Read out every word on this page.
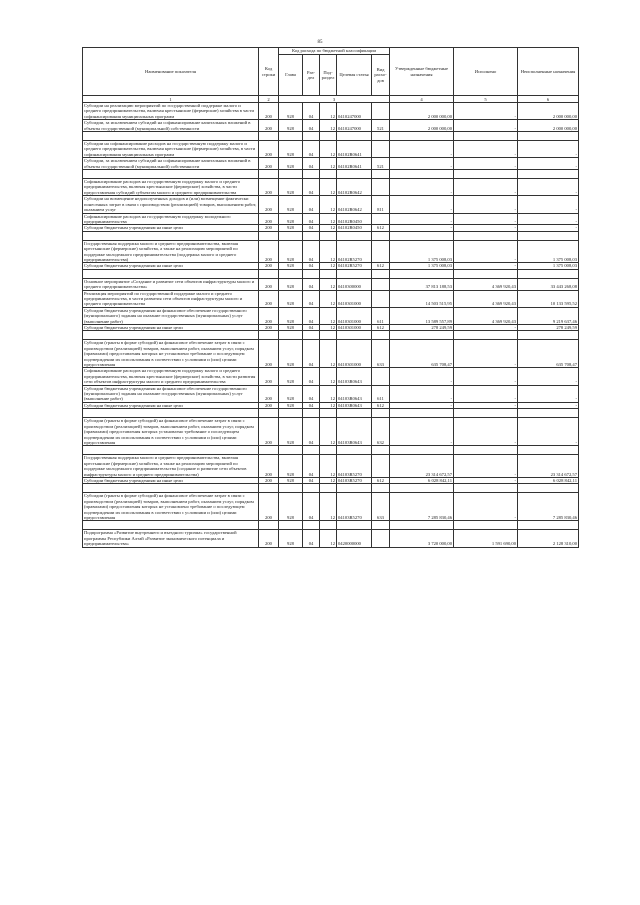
85
Наименование показателя	Код строки	Код расхода по бюджетной классификации					Утвержденные бюджетные назначения	Исполнено	Неисполненные назначения
		Глава	Раз-дел	Под-раздел	Целевая статья	Вид расхо-дов			
1	2	3					4	5	6
Субсидии на реализацию мероприятий по государственной поддержке малого и среднего предпринимательства, включая крестьянские (фермерские) хозяйства в части софинансирования муниципальных программ	200	928	04	12	0410247000		2 000 000,00	-	2 000 000,00
Субсидии, за исключением субсидий на софинансирование капитальных вложений в объекты государственной (муниципальной) собственности	200	928	04	12	0410247000	521	2 000 000,00	-	2 000 000,00

Субсидии на софинансирование расходов на государственную поддержку малого и среднего предпринимательства, включая крестьянские (фермерские) хозяйства, в части софинансирования муниципальных программ	200	928	04	12	04102R0641		-	-	-
Субсидии, за исключением субсидий на софинансирование капитальных вложений в объекты государственной (муниципальной) собственности	200	928	04	12	04102R0641	521	-	-	-

Софинансирование расходов на государственную поддержку малого и среднего предпринимательства, включая крестьянские (фермерские) хозяйства, в части предоставления субсидий субъектам малого и среднего предпринимательства	200	928	04	12	04102R0642		-	-	-
Субсидии на возмещение недополученных доходов и (или) возмещение фактически понесенных затрат в связи с производством (реализацией) товаров, выполнением работ, оказанием услуг	200	928	04	12	04102R0642	811	-	-	-
Софинансирование расходов на государственную поддержку молодежного предпринимательства	200	928	04	12	04102R0450		-	-	-
Субсидии бюджетным учреждениям на иные цели	200	928	04	12	04102R0450	612	-	-	-

Государственная поддержка малого и среднего предпринимательства, включая крестьянские (фермерские) хозяйства, а также на реализацию мероприятий по поддержке молодежного предпринимательства (поддержка малого и среднего предпринимательства)	200	928	04	12	04102R5270		1 375 008,03	-	1 375 008,03
Субсидии бюджетным учреждениям на иные цели	200	928	04	12	04102R5270	612	1 375 008,03	-	1 375 008,03

Основное мероприятие «Создание и развитие сети объектов инфраструктуры малого и среднего предпринимательства»	200	928	04	12	0410300000		37 813 188,53	4 369 920,43	33 443 268,08
Реализация мероприятий по государственной поддержке малого и среднего предпринимательства, в части развития сети объектов инфраструктуры малого и среднего предпринимательства	200	928	04	12	0410301000		14 503 515,95	4 369 920,43	10 133 595,52
Субсидии бюджетным учреждениям на финансовое обеспечение государственного (муниципального) задания на оказание государственных (муниципальных) услуг (выполнение работ)	200	928	04	12	0410301000	611	13 589 557,89	4 369 920,43	9 219 637,46
Субсидии бюджетным учреждениям на иные цели	200	928	04	12	0410301000	612	278 249,59	-	278 249,59

Субсидии (гранты в форме субсидий) на финансовое обеспечение затрат в связи с производством (реализацией) товаров, выполнением работ, оказанием услуг, порядком (правилами) предоставления которых не установлено требование о последующем подтверждении их использования в соответствии с условиями и (или) целями предоставления	200	928	04	12	0410301000	633	635 708,47	-	635 708,47
Софинансирование расходов на государственную поддержку малого и среднего предпринимательства, включая крестьянские (фермерские) хозяйства, в части развития сети объектов инфраструктуры малого и среднего предпринимательства	200	928	04	12	04103R0643		-	-	-
Субсидии бюджетным учреждениям на финансовое обеспечение государственного (муниципального) задания на оказание государственных (муниципальных) услуг (выполнение работ)	200	928	04	12	04103R0643	611	-	-	-
Субсидии бюджетным учреждениям на иные цели	200	928	04	12	04103R0643	612	-	-	-

Субсидии (гранты в форме субсидий) на финансовое обеспечение затрат в связи с производством (реализацией) товаров, выполнением работ, оказанием услуг, порядком (правилами) предоставления которых установлено требование о последующем подтверждении их использования в соответствии с условиями и (или) целями предоставления	200	928	04	12	04103R0643	632	-	-	-

Государственная поддержка малого и среднего предпринимательства, включая крестьянские (фермерские) хозяйства, а также на реализацию мероприятий по поддержке молодежного предпринимательства (создание и развитие сети объектов инфраструктуры малого и среднего предпринимательства)	200	928	04	12	04103R5270		23 314 672,57	-	23 314 672,57
Субсидии бюджетным учреждениям на иные цели	200	928	04	12	04103R5270	612	6 028 842,11	-	6 028 842,11

Субсидии (гранты в форме субсидий) на финансовое обеспечение затрат в связи с производством (реализацией) товаров, выполнением работ, оказанием услуг, порядком (правилами) предоставления которых не установлено требование о последующем подтверждении их использования в соответствии с условиями и (или) целями предоставления	200	928	04	12	04103R5270	633	7 285 830,46	-	7 285 830,46

Подпрограмма «Развитие внутреннего и въездного туризма» государственной программы Республики Алтай «Развитие экономического потенциала и предпринимательства»	200	928	04	12	0420000000		3 720 000,00	1 591 690,00	2 128 310,00
